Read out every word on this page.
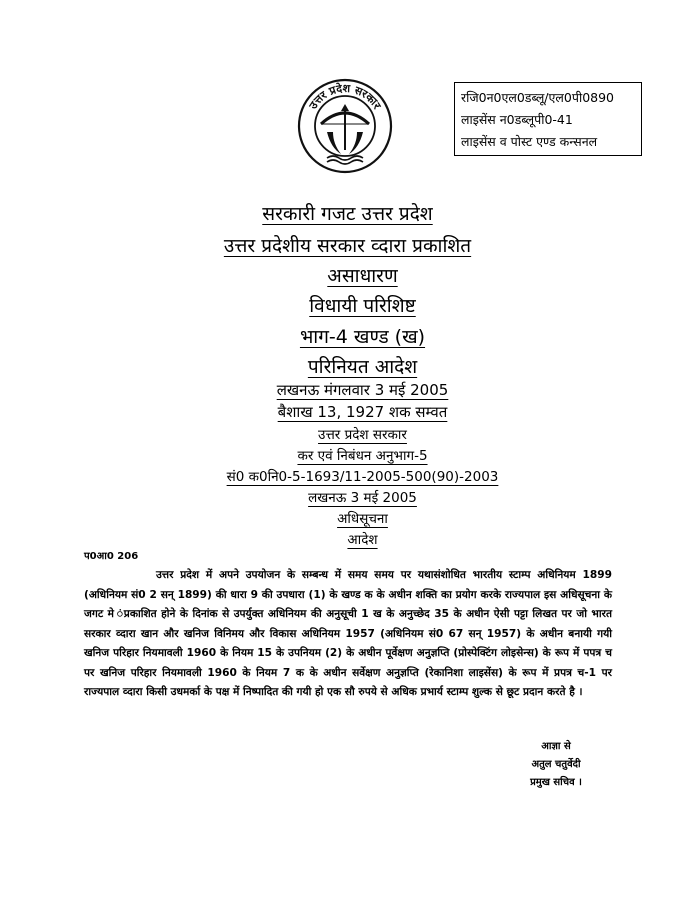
उत्तर प्रदेश सरकार
रजि0न0एल0डब्लू/एल0पी0890
लाइसेंस न0डब्लूपी0-41
लाइसेंस व पोस्ट एण्ड कन्सनल
सरकारी गजट उत्तर प्रदेश
उत्तर प्रदेशीय सरकार व्दारा प्रकाशित
असाधारण
विधायी परिशिष्ट
भाग-4 खण्ड (ख)
परिनियत आदेश
लखनऊ मंगलवार 3 मई 2005
बैशाख 13, 1927 शक सम्वत
उत्तर प्रदेश सरकार
कर एवं निबंधन अनुभाग-5
सं0 क0नि0-5-1693/11-2005-500(90)-2003
लखनऊ 3 मई 2005
अधिसूचना
आदेश
प0आ0 206
उत्तर प्रदेश में अपने उपयोजन के सम्बन्ध में समय समय पर यथासंशोधित भारतीय स्टाम्प अधिनियम 1899 (अधिनियम सं0 2 सन् 1899) की धारा 9 की उपधारा (1) के खण्ड क के अधीन शक्ति का प्रयोग करके राज्यपाल इस अधिसूचना के जगट मे ंप्रकाशित होने के दिनांक से उपर्युक्त अधिनियम की अनुसूची 1 ख के अनुच्छेद 35 के अधीन ऐसी पट्टा लिखत पर जो भारत सरकार व्दारा खान और खनिज विनिमय और विकास अधिनियम 1957 (अधिनियम सं0 67 सन् 1957) के अधीन बनायी गयी खनिज परिहार नियमावली 1960 के नियम 15 के उपनियम (2) के अधीन पूर्वेक्षण अनुज्ञप्ति (प्रोस्पेक्टिंग लोइसेन्स) के रूप में पपत्र च पर खनिज परिहार नियमावली 1960 के नियम 7 क के अधीन सर्वेक्षण अनुज्ञप्ति (रेकानिशा लाइसेंस) के रूप में प्रपत्र च-1 पर राज्यपाल व्दारा किसी उधमर्का के पक्ष में निष्पादित की गयी हो एक सौ रुपये से अधिक प्रभार्य स्टाम्प शुल्क से छूट प्रदान करते है ।
आज्ञा से
अतुल चतुर्वेदी
प्रमुख सचिव ।
